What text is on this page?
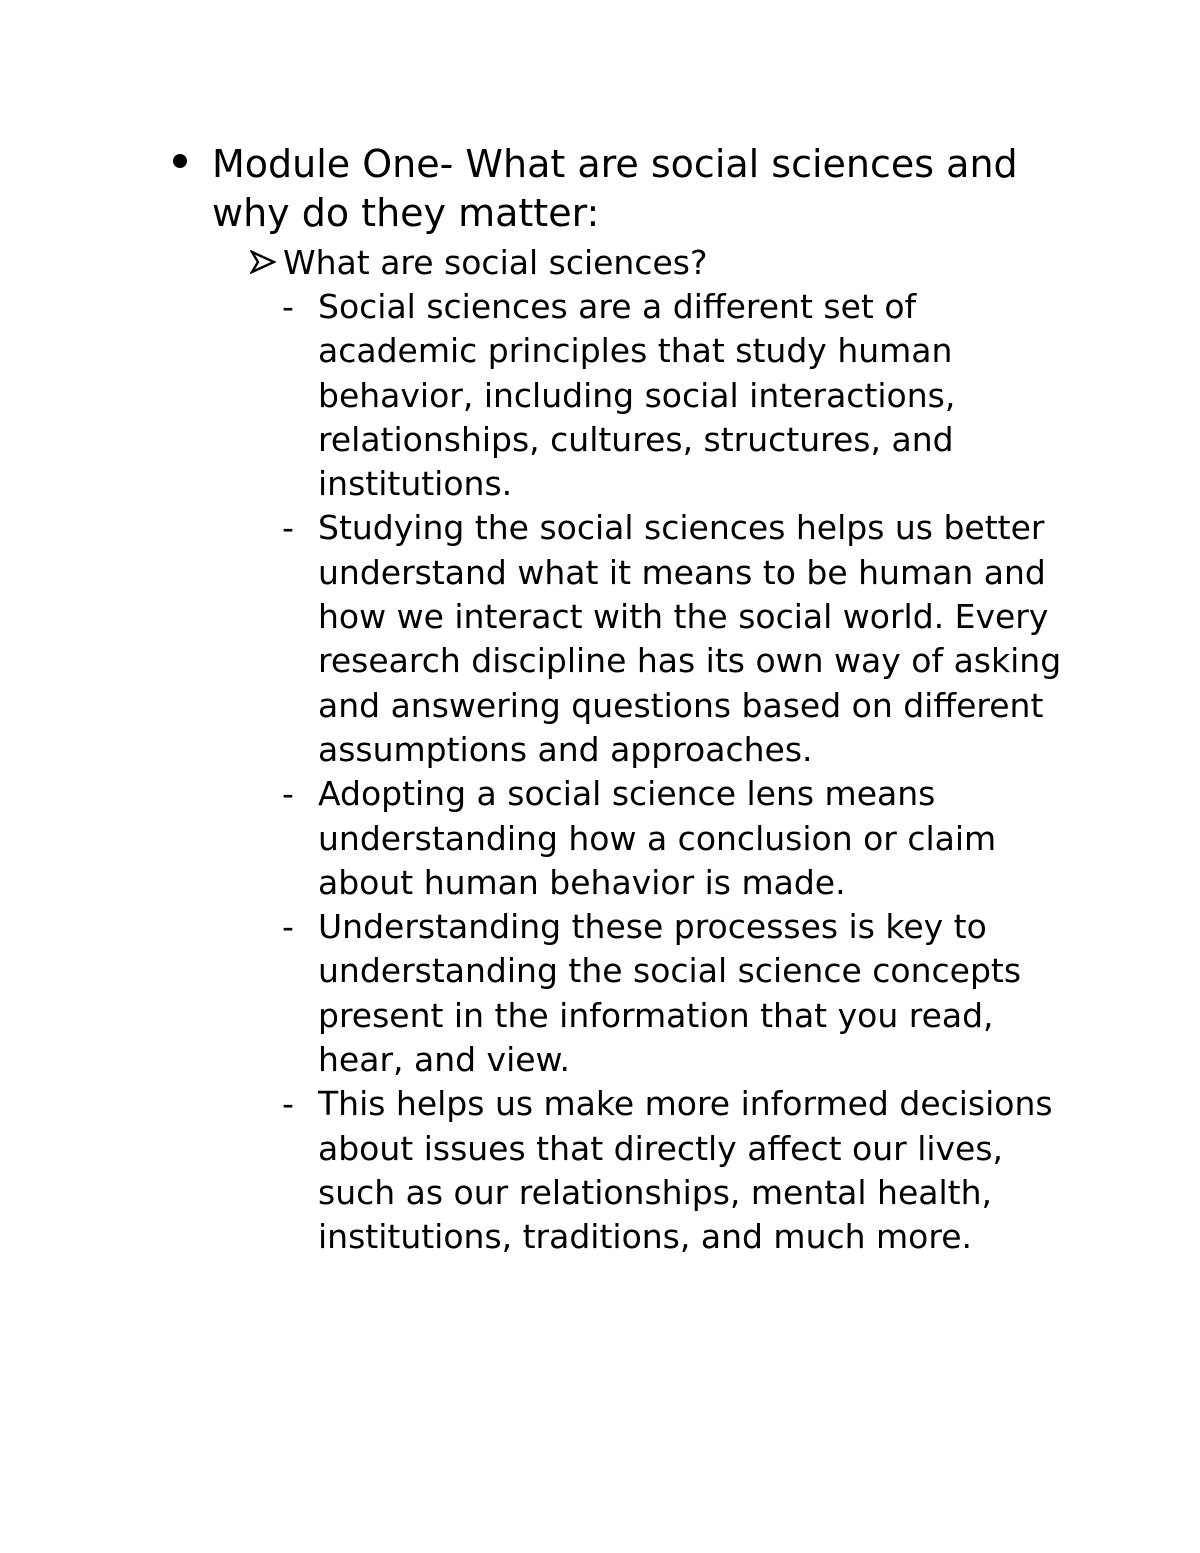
Module One- What are social sciences and why do they matter:
What are social sciences?
- Social sciences are a different set of academic principles that study human behavior, including social interactions, relationships, cultures, structures, and institutions.
- Studying the social sciences helps us better understand what it means to be human and how we interact with the social world. Every research discipline has its own way of asking and answering questions based on different assumptions and approaches.
- Adopting a social science lens means understanding how a conclusion or claim about human behavior is made.
- Understanding these processes is key to understanding the social science concepts present in the information that you read, hear, and view.
- This helps us make more informed decisions about issues that directly affect our lives, such as our relationships, mental health, institutions, traditions, and much more.
